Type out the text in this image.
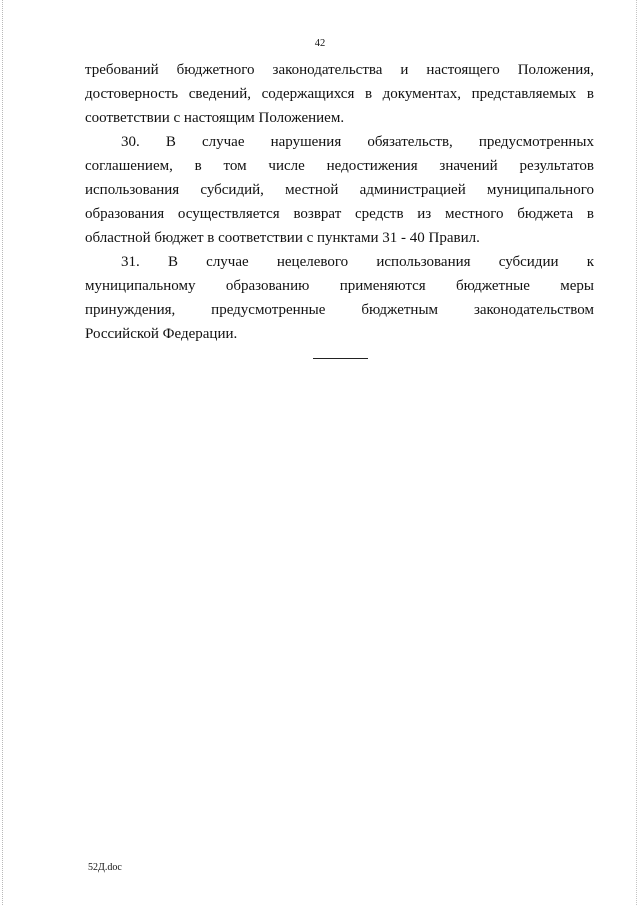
42
требований бюджетного законодательства и настоящего Положения,
достоверность сведений, содержащихся в документах, представляемых в
соответствии с настоящим Положением.
30. В случае нарушения обязательств, предусмотренных
соглашением, в том числе недостижения значений результатов
использования субсидий, местной администрацией муниципального
образования осуществляется возврат средств из местного бюджета в
областной бюджет в соответствии с пунктами 31 - 40 Правил.
31. В случае нецелевого использования субсидии к
муниципальному образованию применяются бюджетные меры
принуждения, предусмотренные бюджетным законодательством
Российской Федерации.
52Д.doc
